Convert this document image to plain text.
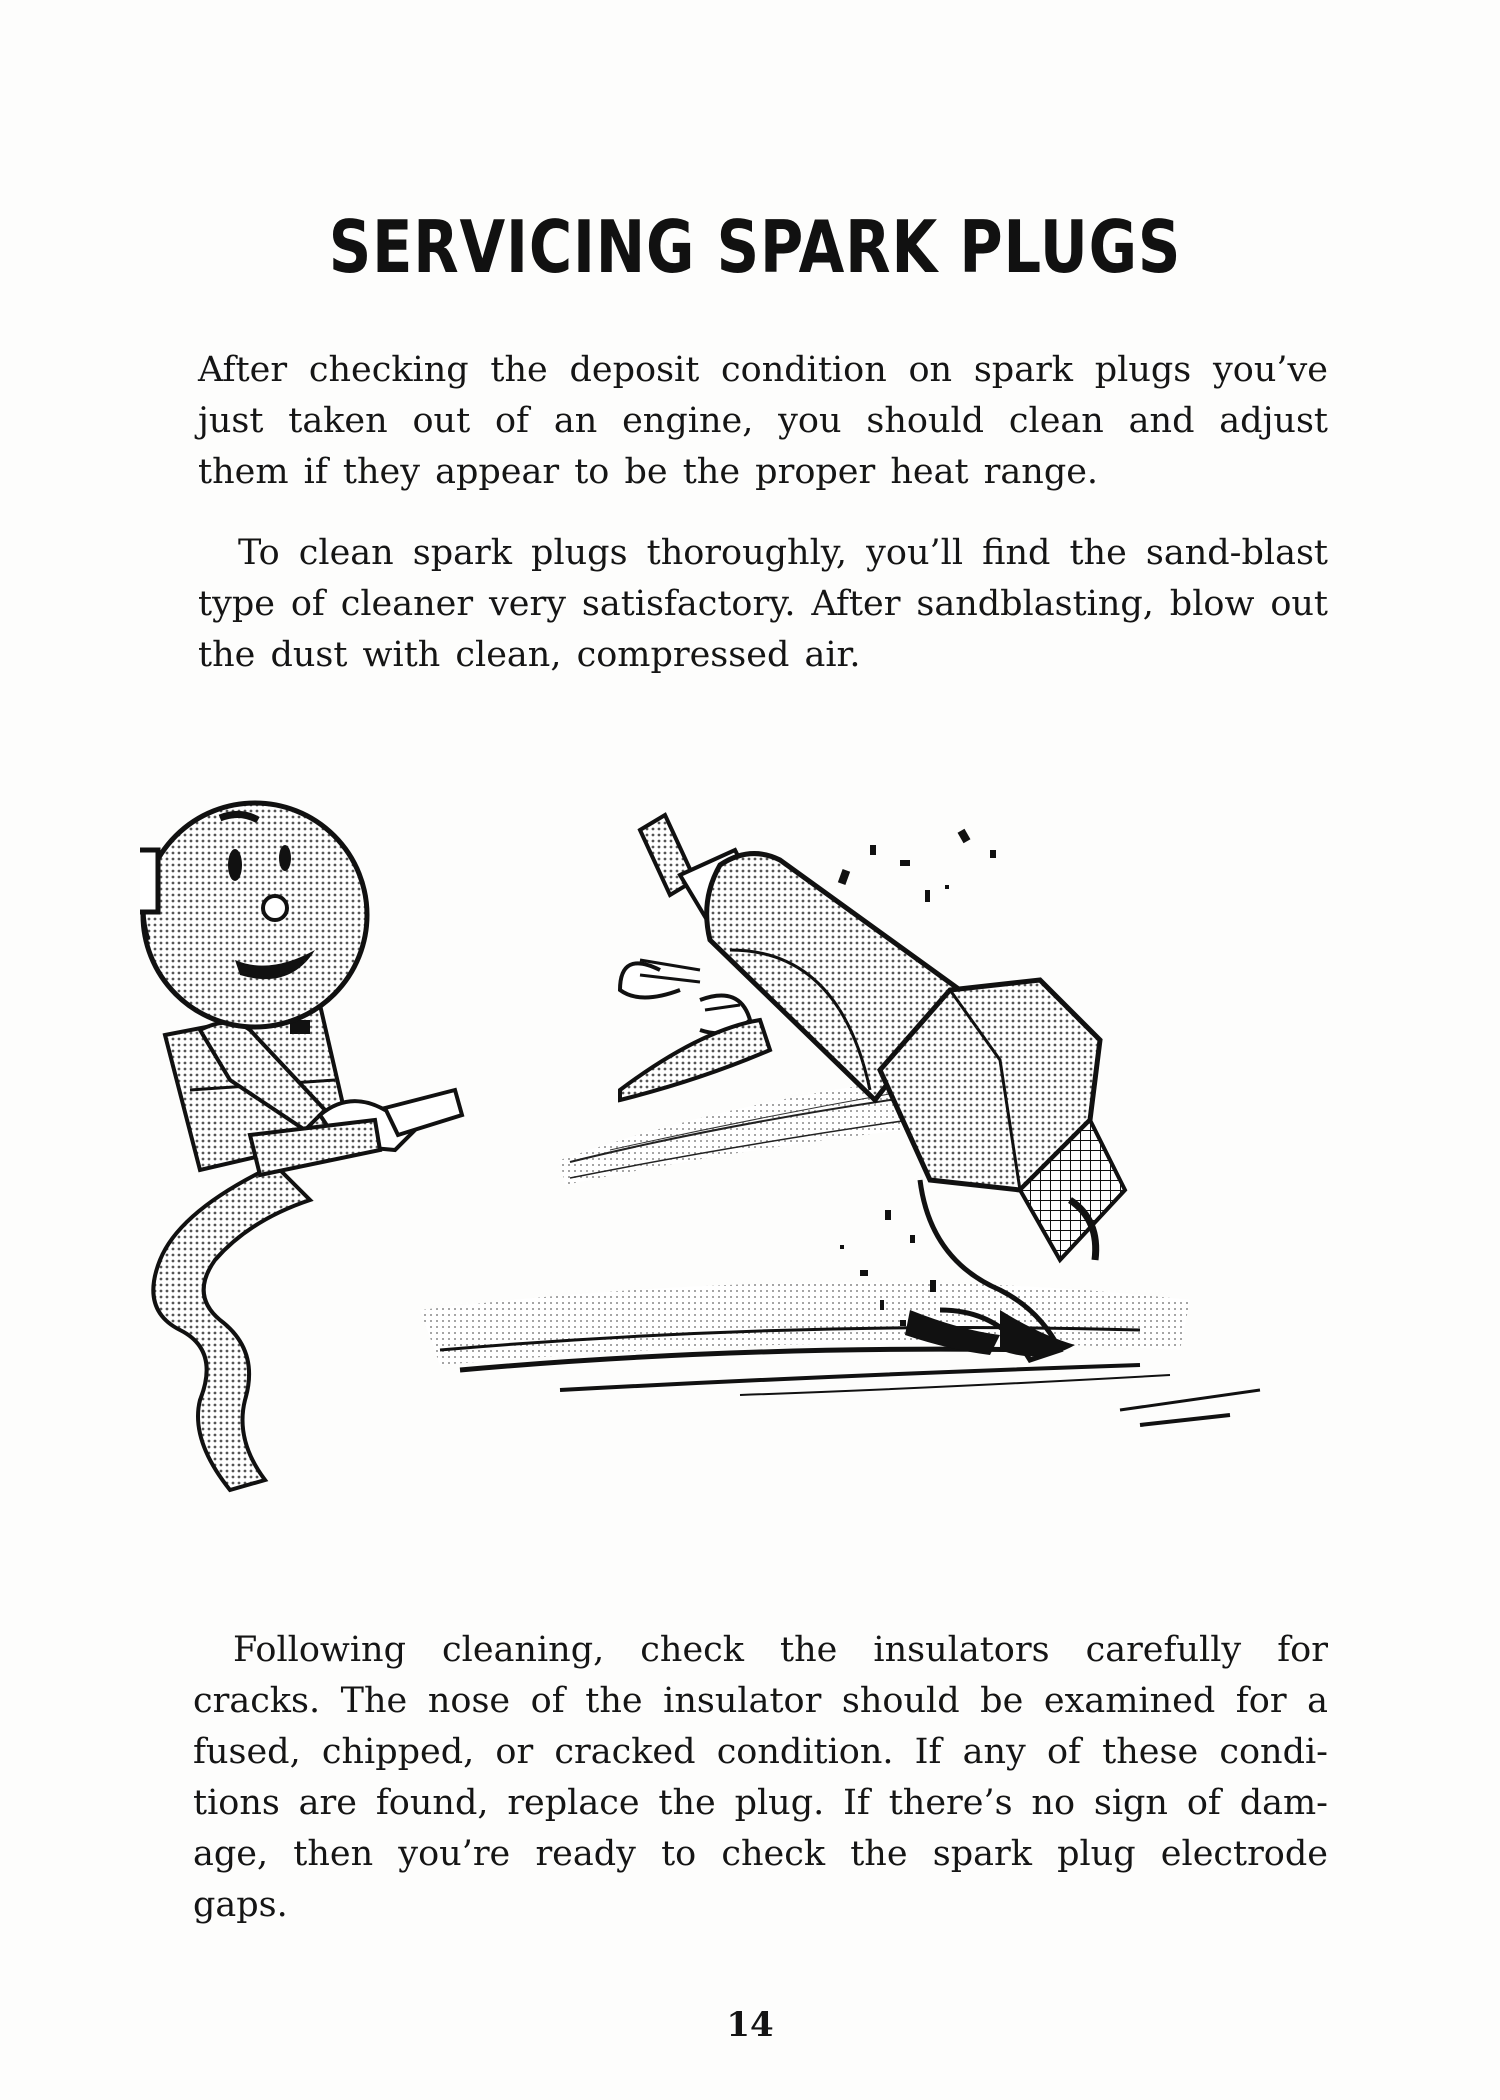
SERVICING SPARK PLUGS

After checking the deposit condition on spark plugs you’ve just taken out of an engine, you should clean and adjust them if they appear to be the proper heat range.

To clean spark plugs thoroughly, you’ll find the sand-blast type of cleaner very satisfactory. After sandblasting, blow out the dust with clean, compressed air.

Following cleaning, check the insulators carefully for cracks. The nose of the insulator should be examined for a fused, chipped, or cracked condition. If any of these condi-tions are found, replace the plug. If there’s no sign of dam-age, then you’re ready to check the spark plug electrode gaps.

14
